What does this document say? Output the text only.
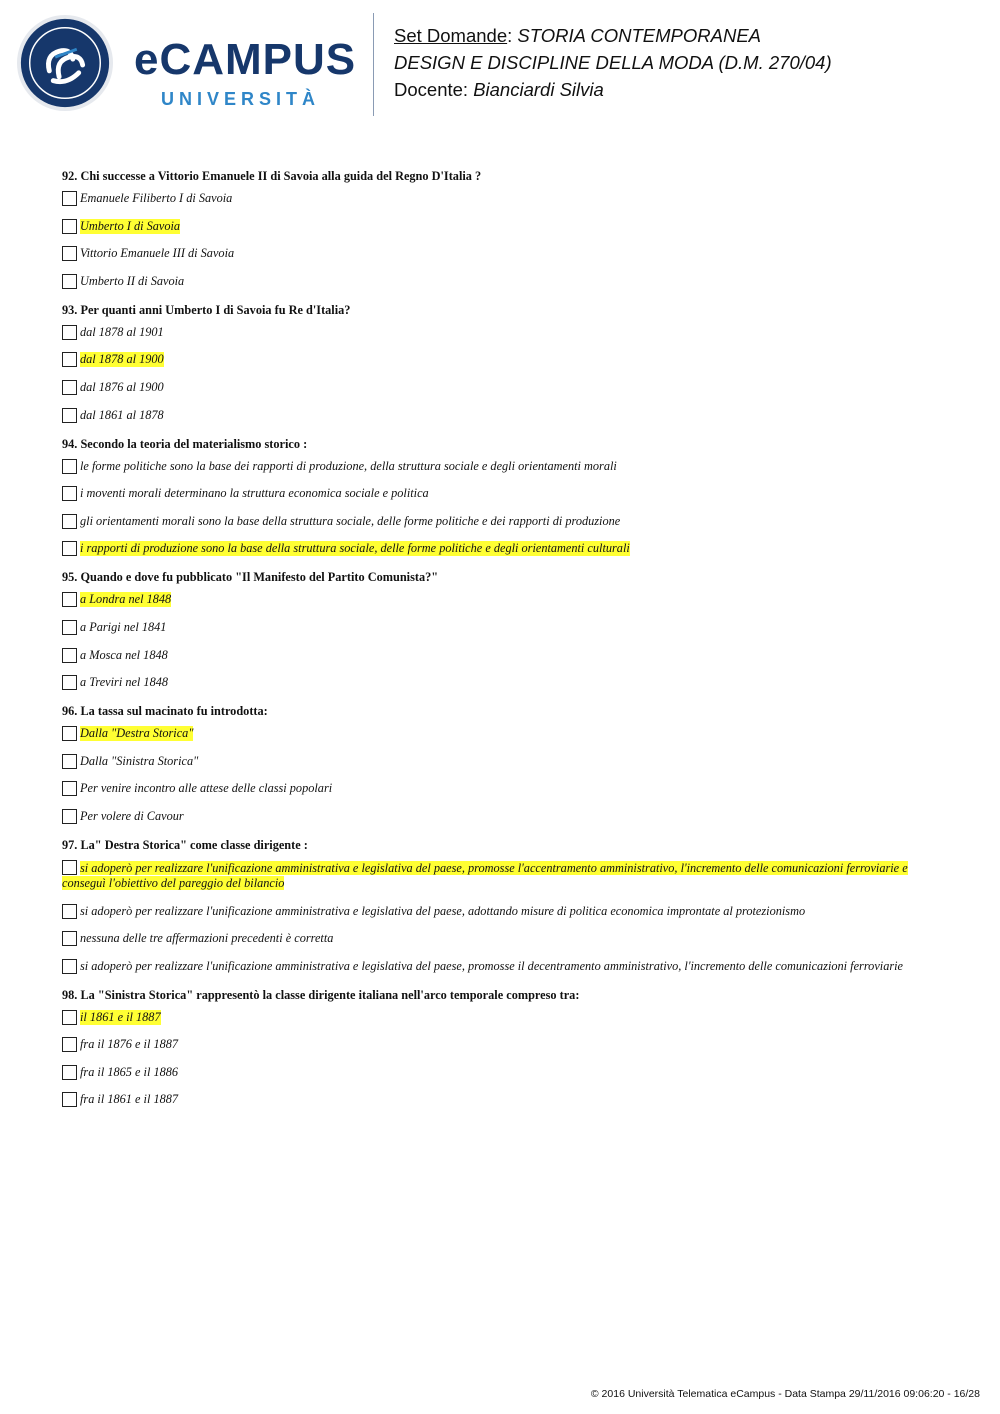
eCAMPUS
UNIVERSITÀ
Set Domande: STORIA CONTEMPORANEA
DESIGN E DISCIPLINE DELLA MODA (D.M. 270/04)
Docente: Bianciardi Silvia
92. Chi successe a Vittorio Emanuele II di Savoia alla guida del Regno D'Italia ?
Emanuele Filiberto I di Savoia
Umberto I di Savoia
Vittorio Emanuele III di Savoia
Umberto II di Savoia
93. Per quanti anni Umberto I di Savoia fu Re d'Italia?
dal 1878 al 1901
dal 1878 al 1900
dal 1876 al 1900
dal 1861 al 1878
94. Secondo la teoria del materialismo storico :
le forme politiche sono la base dei rapporti di produzione, della struttura sociale e degli orientamenti morali
i moventi morali determinano la struttura economica sociale e politica
gli orientamenti morali sono la base della struttura sociale, delle forme politiche e dei rapporti di produzione
i rapporti di produzione sono la base della struttura sociale, delle forme politiche e degli orientamenti culturali
95. Quando e dove fu pubblicato "Il Manifesto del Partito Comunista?"
a Londra nel 1848
a Parigi nel 1841
a Mosca nel 1848
a Treviri nel 1848
96. La tassa sul macinato fu introdotta:
Dalla "Destra Storica"
Dalla "Sinistra Storica"
Per venire incontro alle attese delle classi popolari
Per volere di Cavour
97. La" Destra Storica" come classe dirigente :
si adoperò per realizzare l'unificazione amministrativa e legislativa del paese, promosse l'accentramento amministrativo, l'incremento delle comunicazioni ferroviarie e conseguì l'obiettivo del pareggio del bilancio
si adoperò per realizzare l'unificazione amministrativa e legislativa del paese, adottando misure di politica economica improntate al protezionismo
nessuna delle tre affermazioni precedenti è corretta
si adoperò per realizzare l'unificazione amministrativa e legislativa del paese, promosse il decentramento amministrativo, l'incremento delle comunicazioni ferroviarie
98. La "Sinistra Storica" rappresentò la classe dirigente italiana nell'arco temporale compreso tra:
il 1861 e il 1887
fra il 1876 e il 1887
fra il 1865 e il 1886
fra il 1861 e il 1887
© 2016 Università Telematica eCampus - Data Stampa 29/11/2016 09:06:20 - 16/28
